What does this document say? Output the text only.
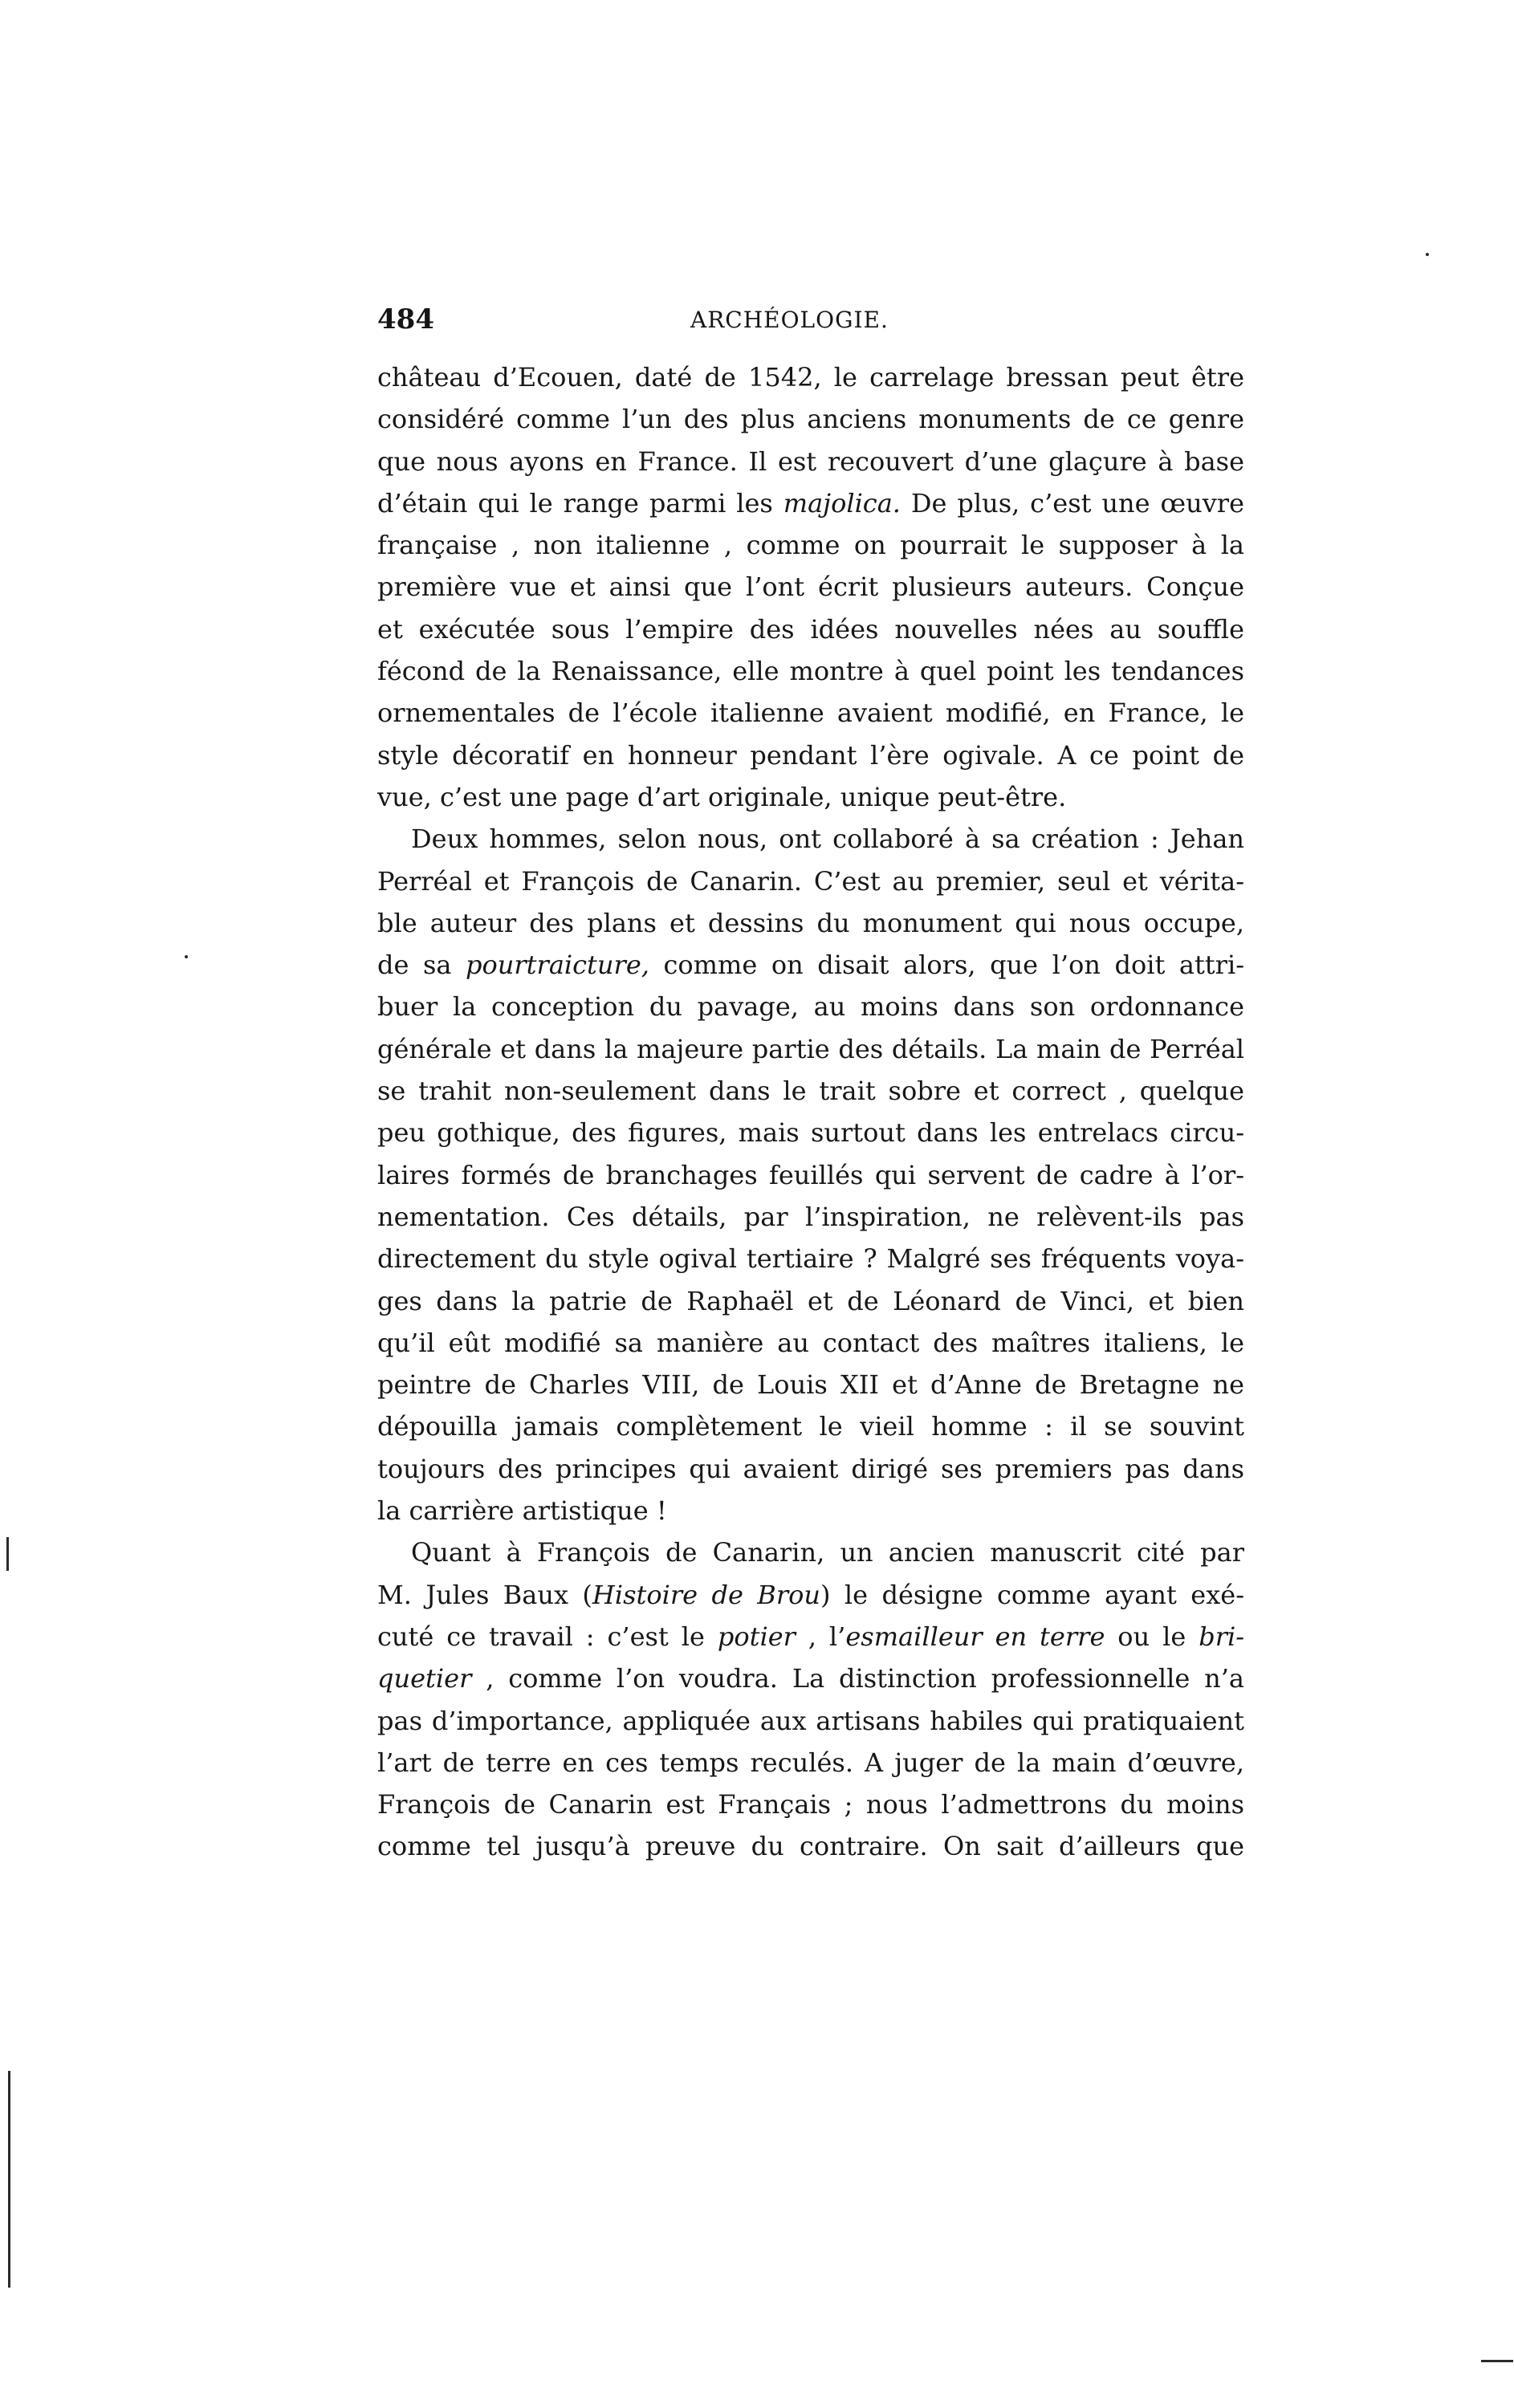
484	ARCHÉOLOGIE.
château d’Ecouen, daté de 1542, le carrelage bressan peut être
considéré comme l’un des plus anciens monuments de ce genre
que nous ayons en France. Il est recouvert d’une glaçure à base
d’étain qui le range parmi les majolica. De plus, c’est une œuvre
française , non italienne , comme on pourrait le supposer à la
première vue et ainsi que l’ont écrit plusieurs auteurs. Conçue
et exécutée sous l’empire des idées nouvelles nées au souffle
fécond de la Renaissance, elle montre à quel point les tendances
ornementales de l’école italienne avaient modifié, en France, le
style décoratif en honneur pendant l’ère ogivale. A ce point de
vue, c’est une page d’art originale, unique peut-être.
Deux hommes, selon nous, ont collaboré à sa création : Jehan
Perréal et François de Canarin. C’est au premier, seul et vérita-
ble auteur des plans et dessins du monument qui nous occupe,
de sa pourtraicture, comme on disait alors, que l’on doit attri-
buer la conception du pavage, au moins dans son ordonnance
générale et dans la majeure partie des détails. La main de Perréal
se trahit non-seulement dans le trait sobre et correct , quelque
peu gothique, des figures, mais surtout dans les entrelacs circu-
laires formés de branchages feuillés qui servent de cadre à l’or-
nementation. Ces détails, par l’inspiration, ne relèvent-ils pas
directement du style ogival tertiaire ? Malgré ses fréquents voya-
ges dans la patrie de Raphaël et de Léonard de Vinci, et bien
qu’il eût modifié sa manière au contact des maîtres italiens, le
peintre de Charles VIII, de Louis XII et d’Anne de Bretagne ne
dépouilla jamais complètement le vieil homme : il se souvint
toujours des principes qui avaient dirigé ses premiers pas dans
la carrière artistique !
Quant à François de Canarin, un ancien manuscrit cité par
M. Jules Baux (Histoire de Brou) le désigne comme ayant exé-
cuté ce travail : c’est le potier , l’esmailleur en terre ou le bri-
quetier , comme l’on voudra. La distinction professionnelle n’a
pas d’importance, appliquée aux artisans habiles qui pratiquaient
l’art de terre en ces temps reculés. A juger de la main d’œuvre,
François de Canarin est Français ; nous l’admettrons du moins
comme tel jusqu’à preuve du contraire. On sait d’ailleurs que
